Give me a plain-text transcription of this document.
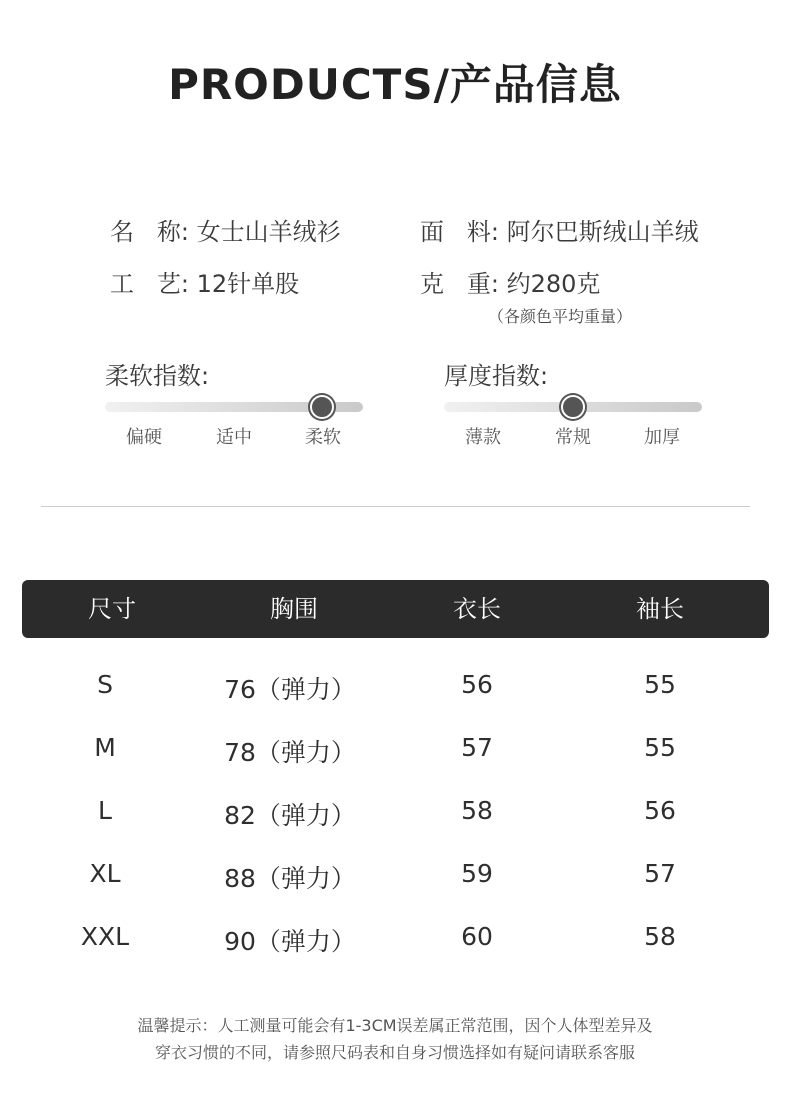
PRODUCTS/产品信息
名   称: 女士山羊绒衫	面   料: 阿尔巴斯绒山羊绒
工   艺: 12针单股	克   重: 约280克
（各颜色平均重量）
柔软指数:
偏硬	适中	柔软
厚度指数:
薄款	常规	加厚
尺寸	胸围	衣长	袖长
S	76（弹力）	56	55
M	78（弹力）	57	55
L	82（弹力）	58	56
XL	88（弹力）	59	57
XXL	90（弹力）	60	58
温馨提示：人工测量可能会有1-3CM误差属正常范围，因个人体型差异及
穿衣习惯的不同，请参照尺码表和自身习惯选择如有疑问请联系客服
